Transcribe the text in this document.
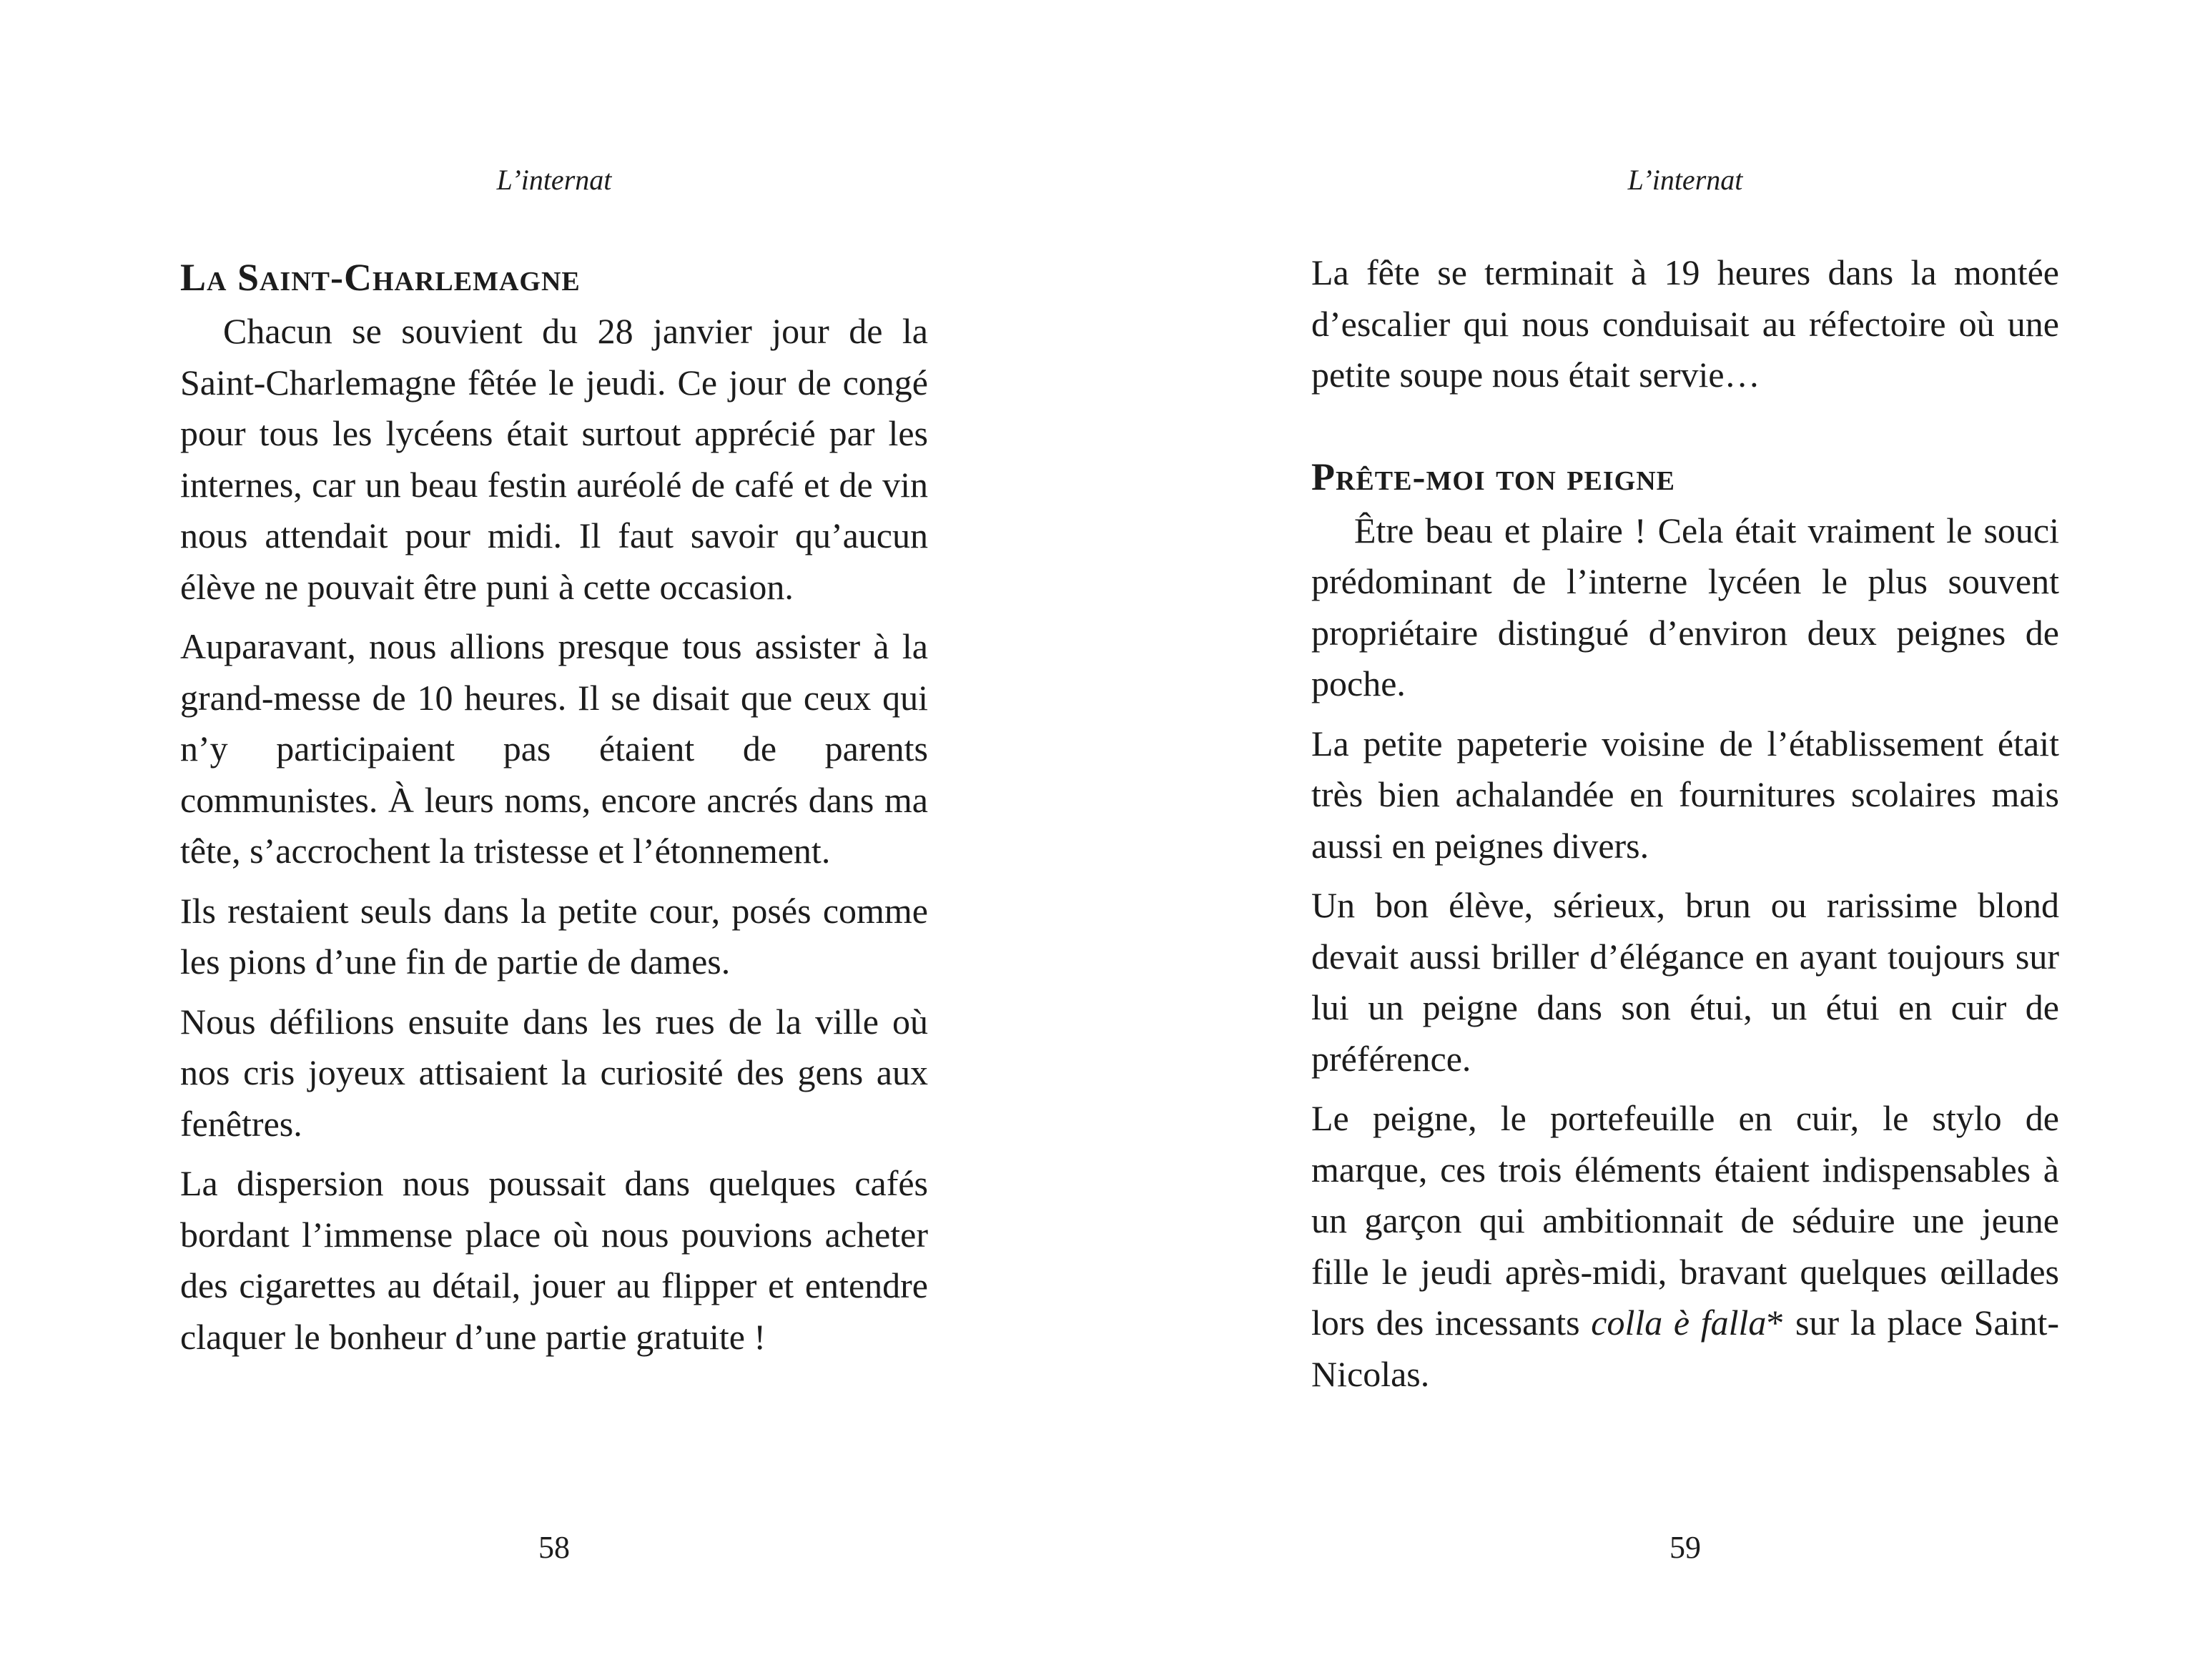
L’internat
La Saint-Charlemagne

Chacun se souvient du 28 janvier jour de la Saint-Charlemagne fêtée le jeudi. Ce jour de congé pour tous les lycéens était surtout apprécié par les internes, car un beau festin auréolé de café et de vin nous attendait pour midi. Il faut savoir qu’aucun élève ne pouvait être puni à cette occasion.

Auparavant, nous allions presque tous assister à la grand-messe de 10 heures. Il se disait que ceux qui n’y participaient pas étaient de parents communistes. À leurs noms, encore ancrés dans ma tête, s’accrochent la tristesse et l’étonnement.

Ils restaient seuls dans la petite cour, posés comme les pions d’une fin de partie de dames.

Nous défilions ensuite dans les rues de la ville où nos cris joyeux attisaient la curiosité des gens aux fenêtres.

La dispersion nous poussait dans quelques cafés bordant l’immense place où nous pouvions acheter des cigarettes au détail, jouer au flipper et entendre claquer le bonheur d’une partie gratuite !

58
L’internat

La fête se terminait à 19 heures dans la montée d’escalier qui nous conduisait au réfectoire où une petite soupe nous était servie…

Prête-moi ton peigne

Être beau et plaire ! Cela était vraiment le souci prédominant de l’interne lycéen le plus souvent propriétaire distingué d’environ deux peignes de poche.

La petite papeterie voisine de l’établissement était très bien achalandée en fournitures scolaires mais aussi en peignes divers.

Un bon élève, sérieux, brun ou rarissime blond devait aussi briller d’élégance en ayant toujours sur lui un peigne dans son étui, un étui en cuir de préférence.

Le peigne, le portefeuille en cuir, le stylo de marque, ces trois éléments étaient indispensables à un garçon qui ambitionnait de séduire une jeune fille le jeudi après-midi, bravant quelques œillades lors des incessants colla è falla* sur la place Saint-Nicolas.

59
